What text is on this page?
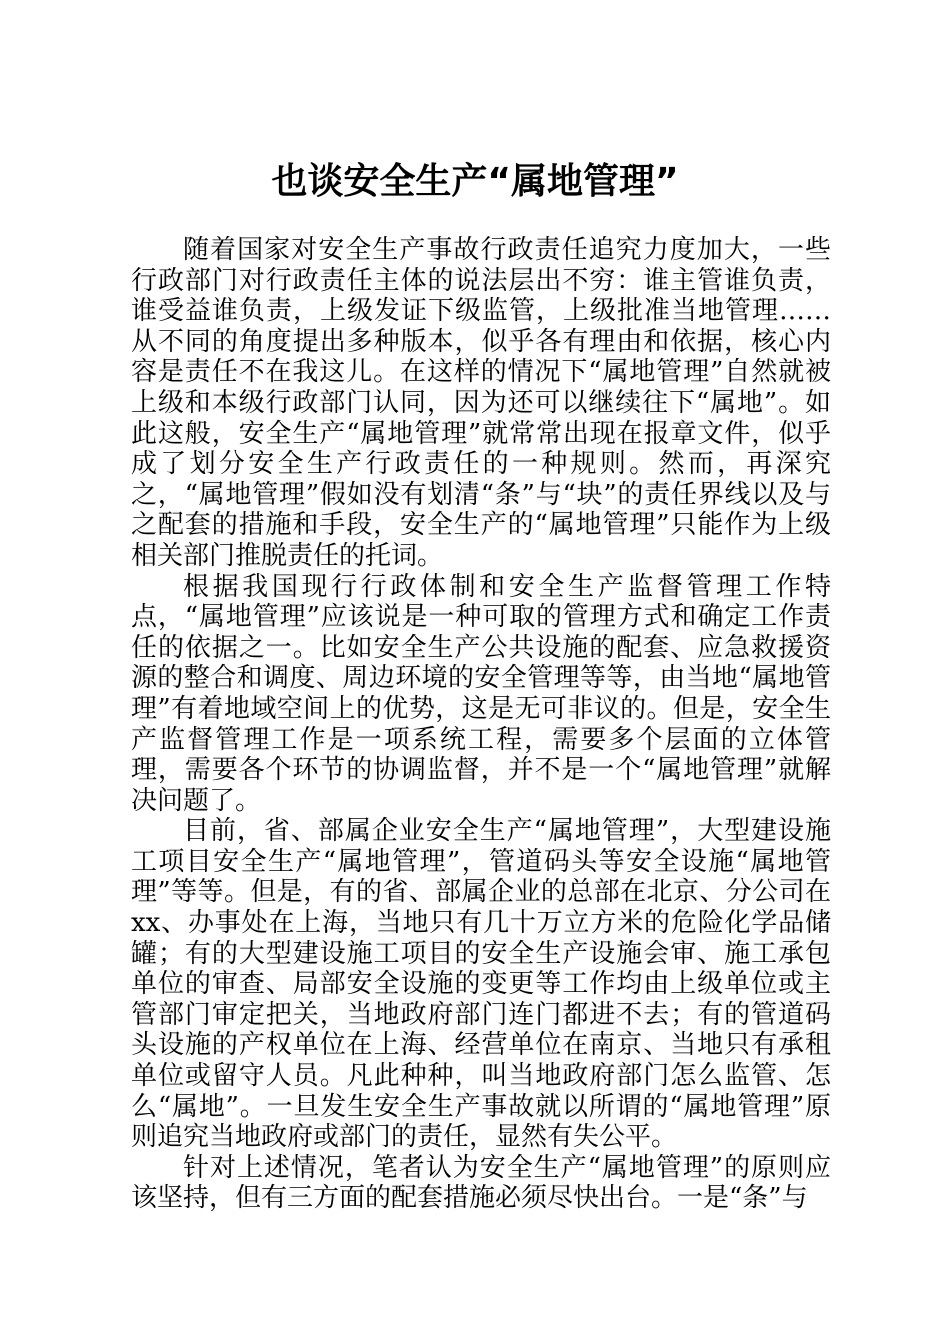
也谈安全生产“属地管理”

随着国家对安全生产事故行政责任追究力度加大，一些行政部门对行政责任主体的说法层出不穷：谁主管谁负责，谁受益谁负责，上级发证下级监管，上级批准当地管理……从不同的角度提出多种版本，似乎各有理由和依据，核心内容是责任不在我这儿。在这样的情况下“属地管理”自然就被上级和本级行政部门认同，因为还可以继续往下“属地”。如此这般，安全生产“属地管理”就常常出现在报章文件，似乎成了划分安全生产行政责任的一种规则。然而，再深究之，“属地管理”假如没有划清“条”与“块”的责任界线以及与之配套的措施和手段，安全生产的“属地管理”只能作为上级相关部门推脱责任的托词。

根据我国现行行政体制和安全生产监督管理工作特点，“属地管理”应该说是一种可取的管理方式和确定工作责任的依据之一。比如安全生产公共设施的配套、应急救援资源的整合和调度、周边环境的安全管理等等，由当地“属地管理”有着地域空间上的优势，这是无可非议的。但是，安全生产监督管理工作是一项系统工程，需要多个层面的立体管理，需要各个环节的协调监督，并不是一个“属地管理”就解决问题了。

目前，省、部属企业安全生产“属地管理”，大型建设施工项目安全生产“属地管理”，管道码头等安全设施“属地管理”等等。但是，有的省、部属企业的总部在北京、分公司在xx、办事处在上海，当地只有几十万立方米的危险化学品储罐；有的大型建设施工项目的安全生产设施会审、施工承包单位的审查、局部安全设施的变更等工作均由上级单位或主管部门审定把关，当地政府部门连门都进不去；有的管道码头设施的产权单位在上海、经营单位在南京、当地只有承租单位或留守人员。凡此种种，叫当地政府部门怎么监管、怎么“属地”。一旦发生安全生产事故就以所谓的“属地管理”原则追究当地政府或部门的责任，显然有失公平。

针对上述情况，笔者认为安全生产“属地管理”的原则应该坚持，但有三方面的配套措施必须尽快出台。一是“条”与
